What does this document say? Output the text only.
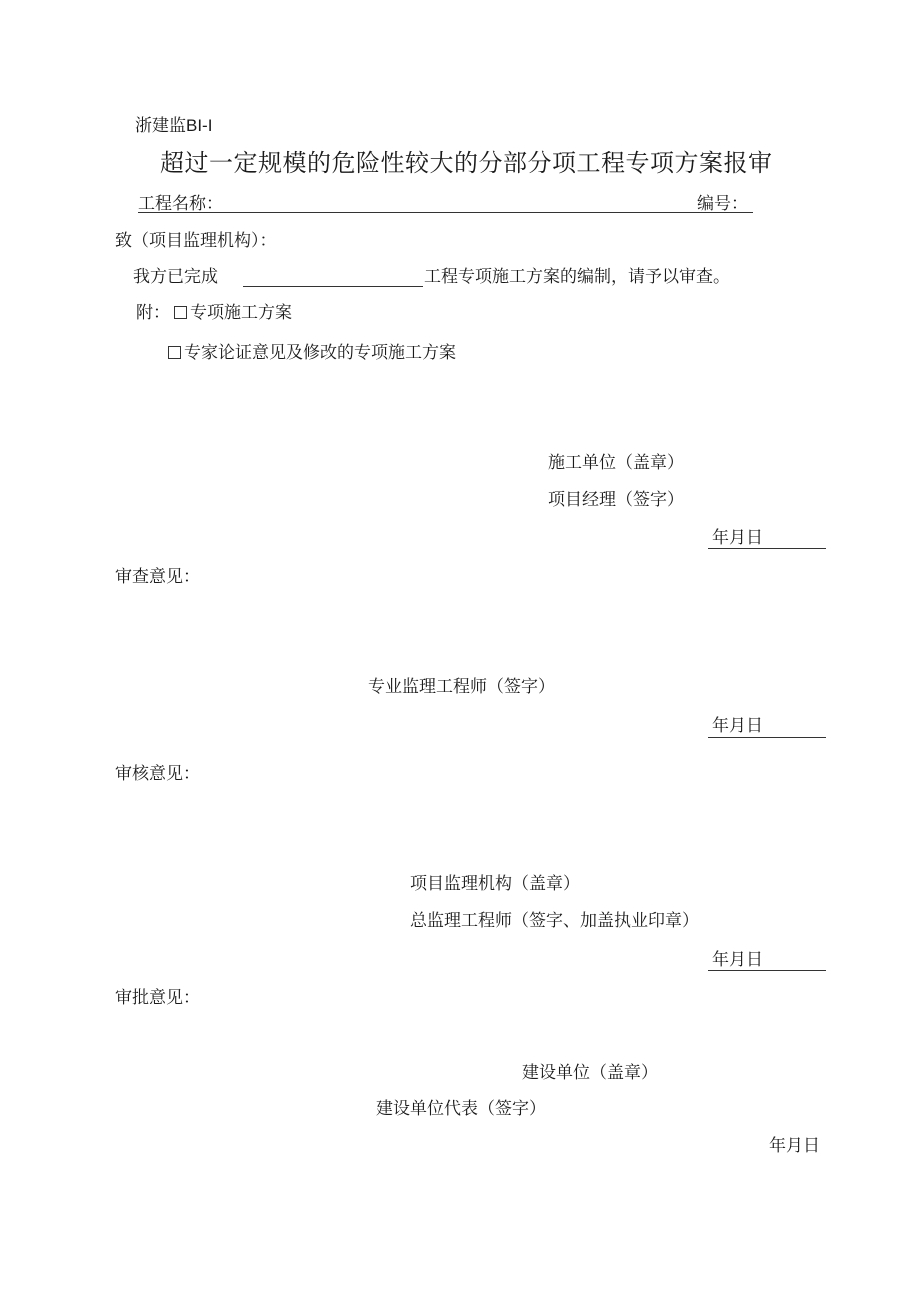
浙建监BI-I
超过一定规模的危险性较大的分部分项工程专项方案报审
工程名称：	编号：
致（项目监理机构）：
我方已完成	工程专项施工方案的编制，请予以审查。
附：	专项施工方案
专家论证意见及修改的专项施工方案
施工单位（盖章）
项目经理（签字）
年月日
审查意见：
专业监理工程师（签字）
年月日
审核意见：
项目监理机构（盖章）
总监理工程师（签字、加盖执业印章）
年月日
审批意见：
建设单位（盖章）
建设单位代表（签字）
年月日
